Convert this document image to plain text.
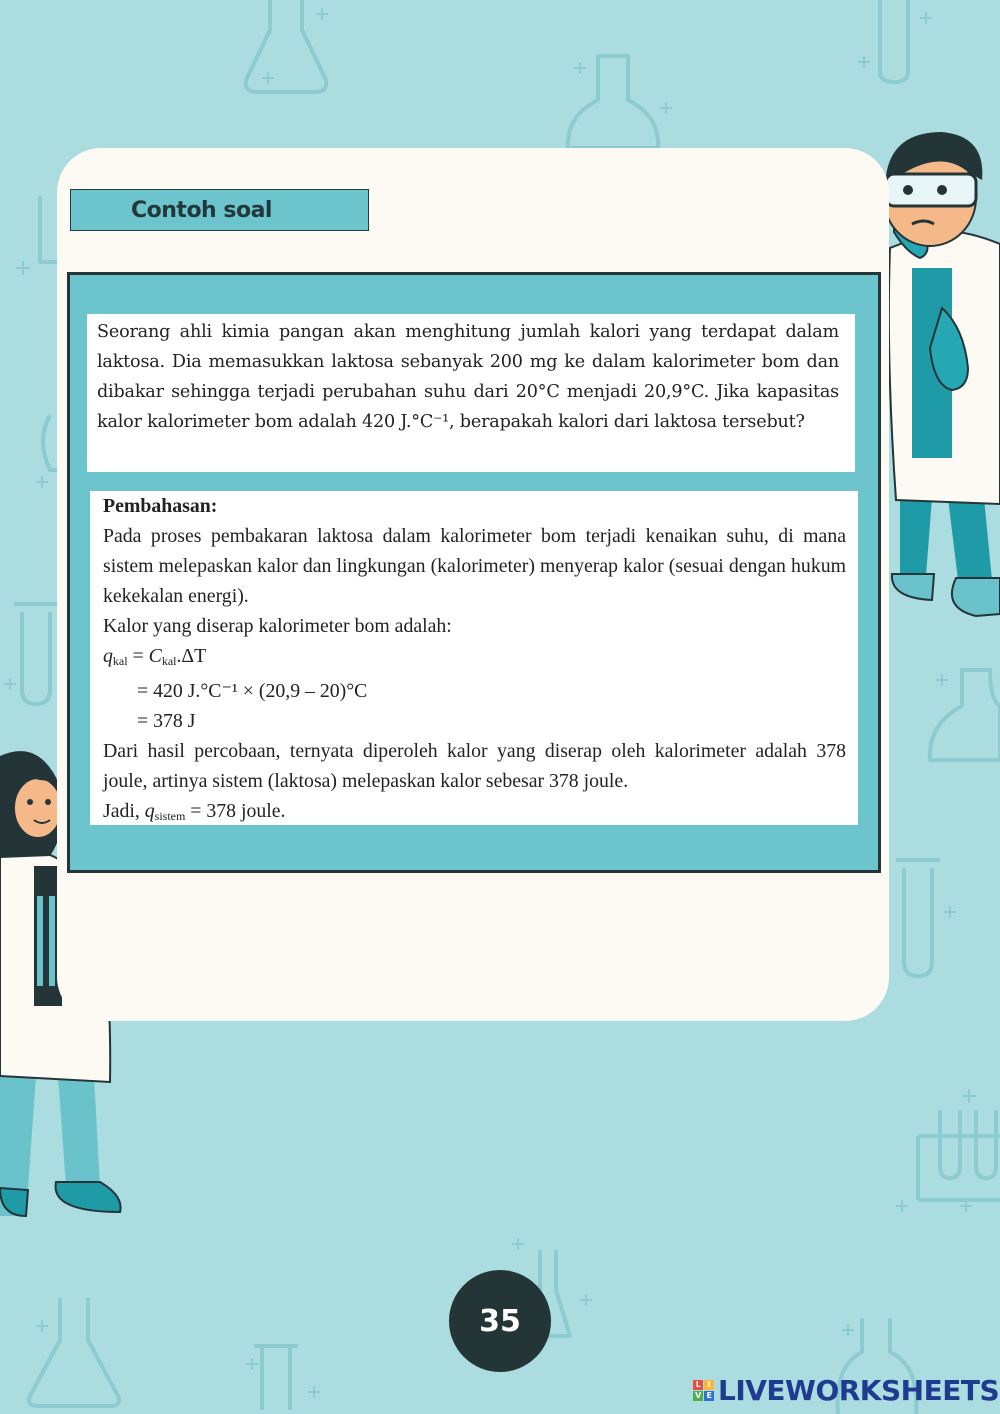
Contoh soal
Seorang ahli kimia pangan akan menghitung jumlah kalori yang terdapat dalam laktosa. Dia memasukkan laktosa sebanyak 200 mg ke dalam kalorimeter bom dan dibakar sehingga terjadi perubahan suhu dari 20°C menjadi 20,9°C. Jika kapasitas kalor kalorimeter bom adalah 420 J.°C⁻¹, berapakah kalori dari laktosa tersebut?

Pembahasan:

Pada proses pembakaran laktosa dalam kalorimeter bom terjadi kenaikan suhu, di mana sistem melepaskan kalor dan lingkungan (kalorimeter) menyerap kalor (sesuai dengan hukum kekekalan energi).

Kalor yang diserap kalorimeter bom adalah:

$q_{kal} = C_{kal}.\Delta T$

= 420 J.°C⁻¹ × (20,9 – 20)°C

= 378 J

Dari hasil percobaan, ternyata diperoleh kalor yang diserap oleh kalorimeter adalah 378 joule, artinya sistem (laktosa) melepaskan kalor sebesar 378 joule.

Jadi, $q_{sistem} = 378$ joule.

35
L I
V E LIVEWORKSHEETS
